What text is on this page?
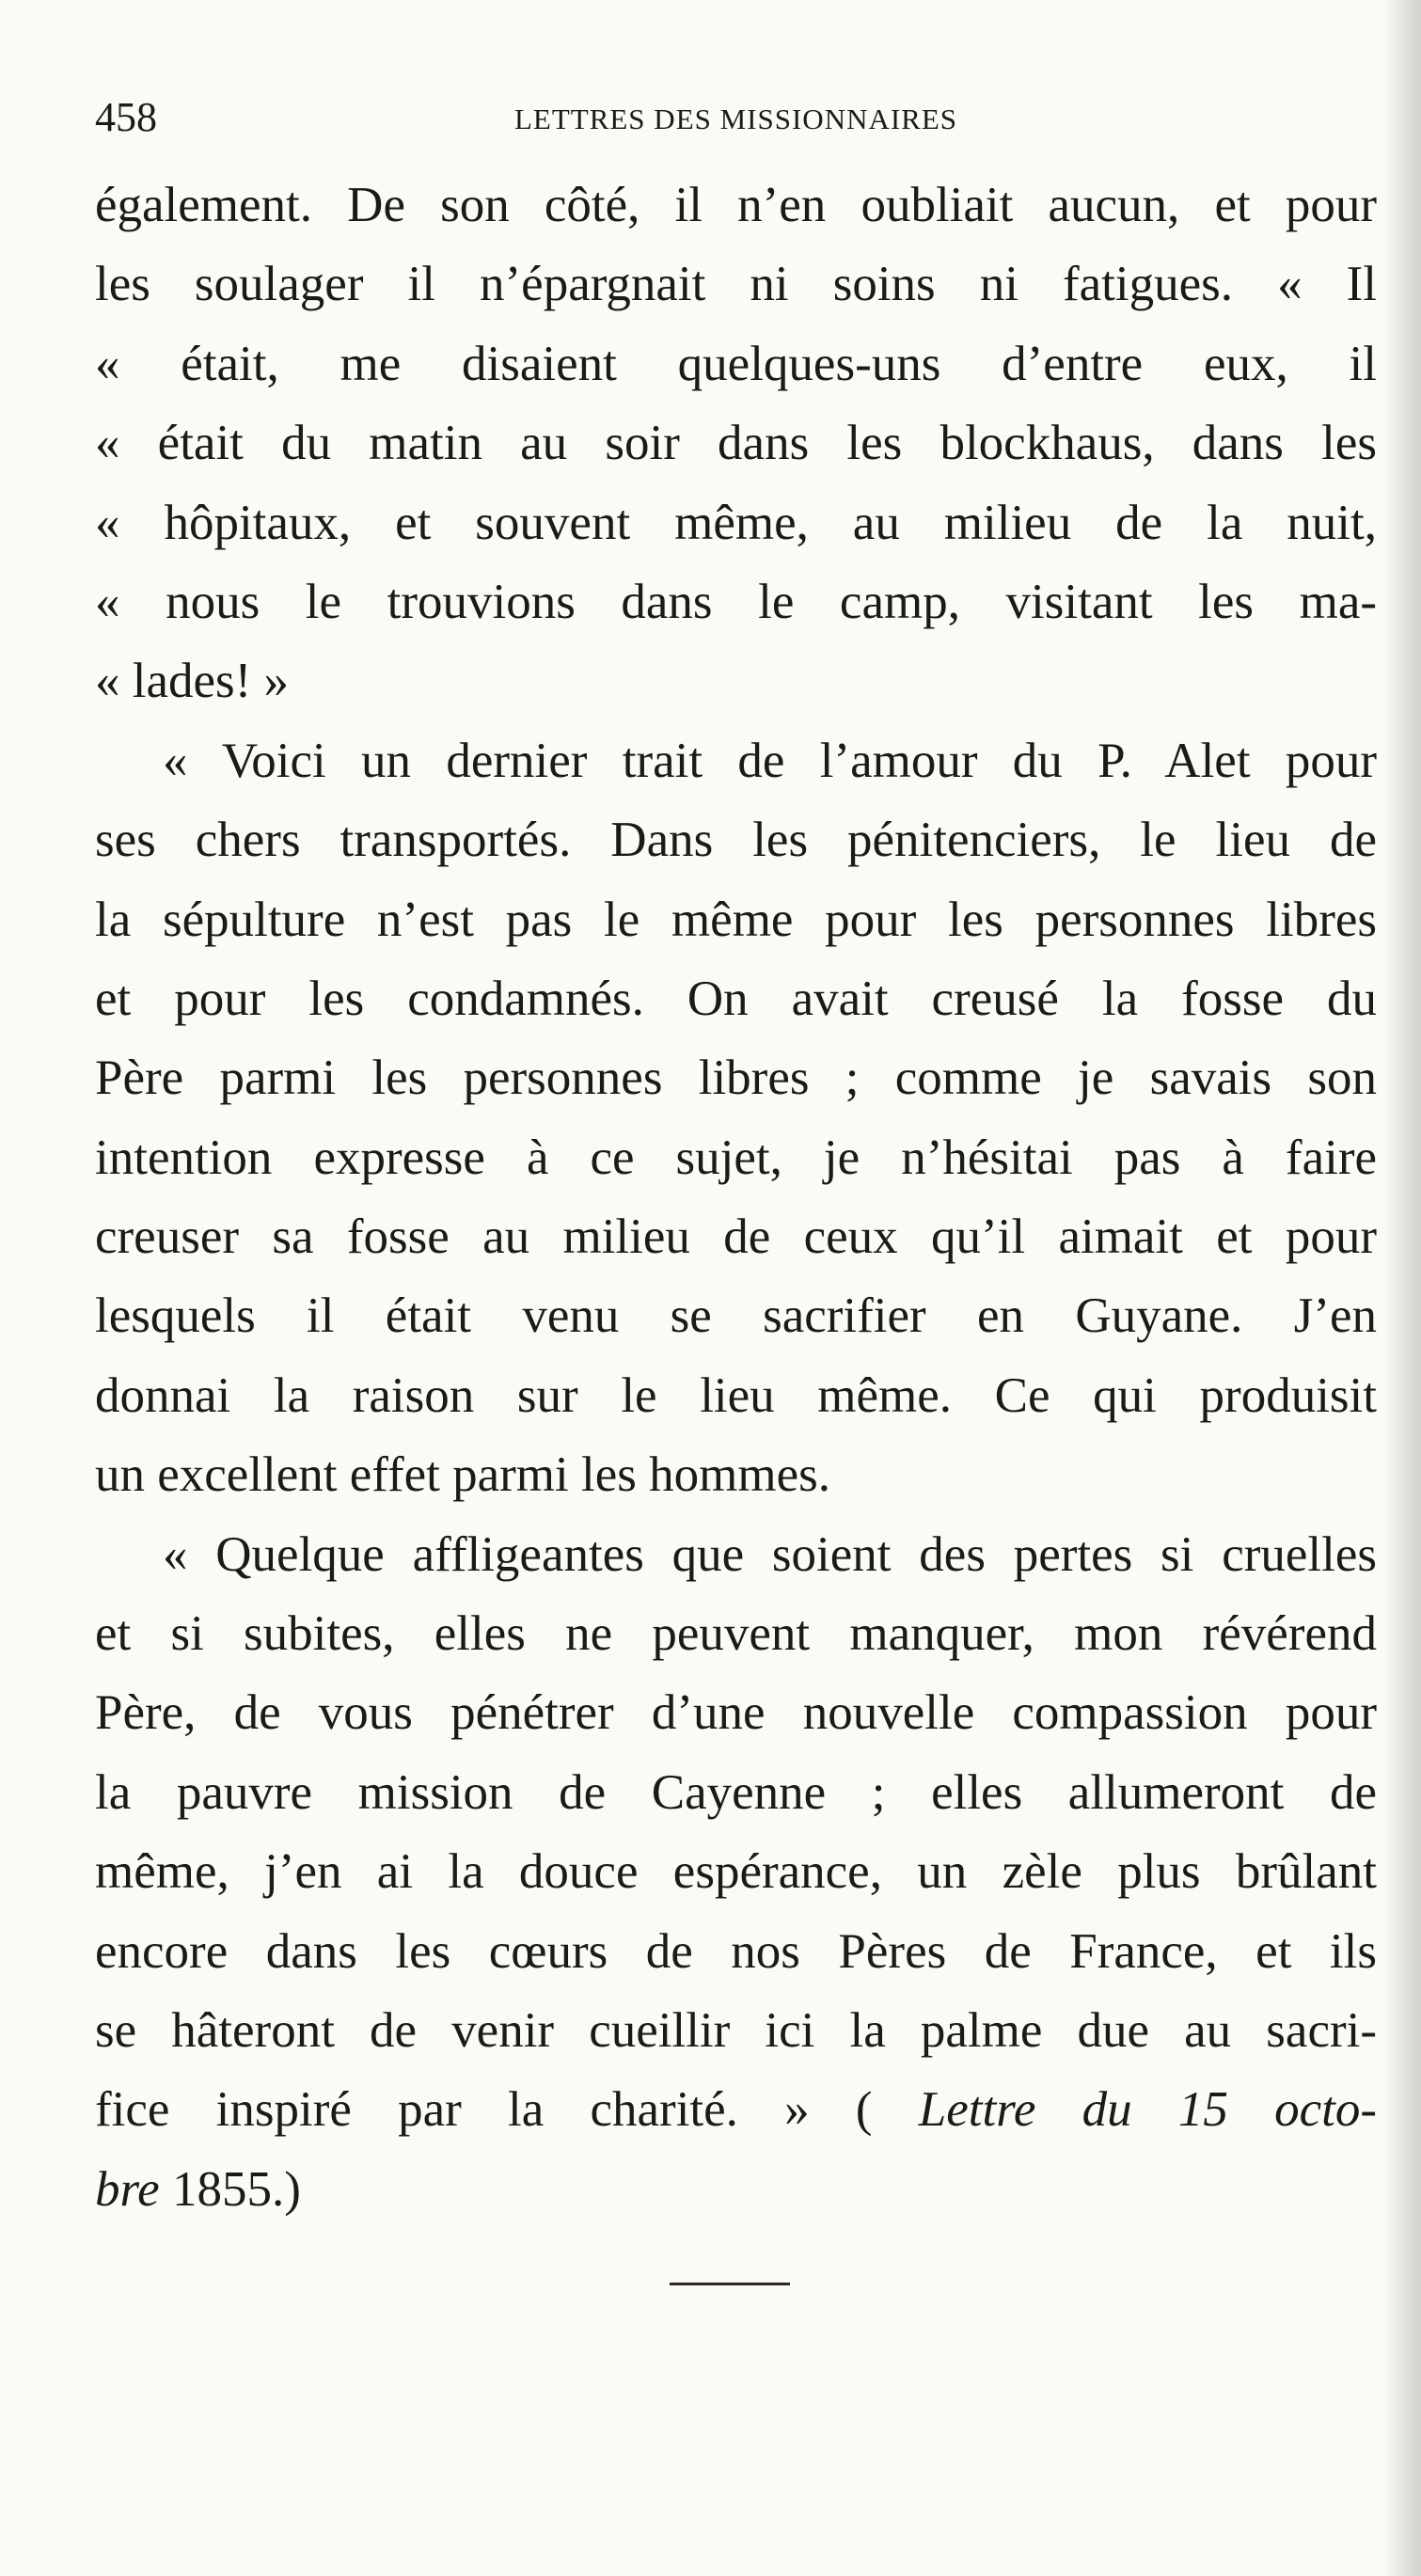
458	LETTRES DES MISSIONNAIRES
également. De son côté, il n’en oubliait aucun, et pour
les soulager il n’épargnait ni soins ni fatigues. « Il
« était, me disaient quelques-uns d’entre eux, il
« était du matin au soir dans les blockhaus, dans les
« hôpitaux, et souvent même, au milieu de la nuit,
« nous le trouvions dans le camp, visitant les ma-
« lades! »
« Voici un dernier trait de l’amour du P. Alet pour
ses chers transportés. Dans les pénitenciers, le lieu de
la sépulture n’est pas le même pour les personnes libres
et pour les condamnés. On avait creusé la fosse du
Père parmi les personnes libres ; comme je savais son
intention expresse à ce sujet, je n’hésitai pas à faire
creuser sa fosse au milieu de ceux qu’il aimait et pour
lesquels il était venu se sacrifier en Guyane. J’en
donnai la raison sur le lieu même. Ce qui produisit
un excellent effet parmi les hommes.
« Quelque affligeantes que soient des pertes si cruelles
et si subites, elles ne peuvent manquer, mon révérend
Père, de vous pénétrer d’une nouvelle compassion pour
la pauvre mission de Cayenne ; elles allumeront de
même, j’en ai la douce espérance, un zèle plus brûlant
encore dans les cœurs de nos Pères de France, et ils
se hâteront de venir cueillir ici la palme due au sacri-
fice inspiré par la charité. » ( Lettre du 15 octo-
bre 1855.)
